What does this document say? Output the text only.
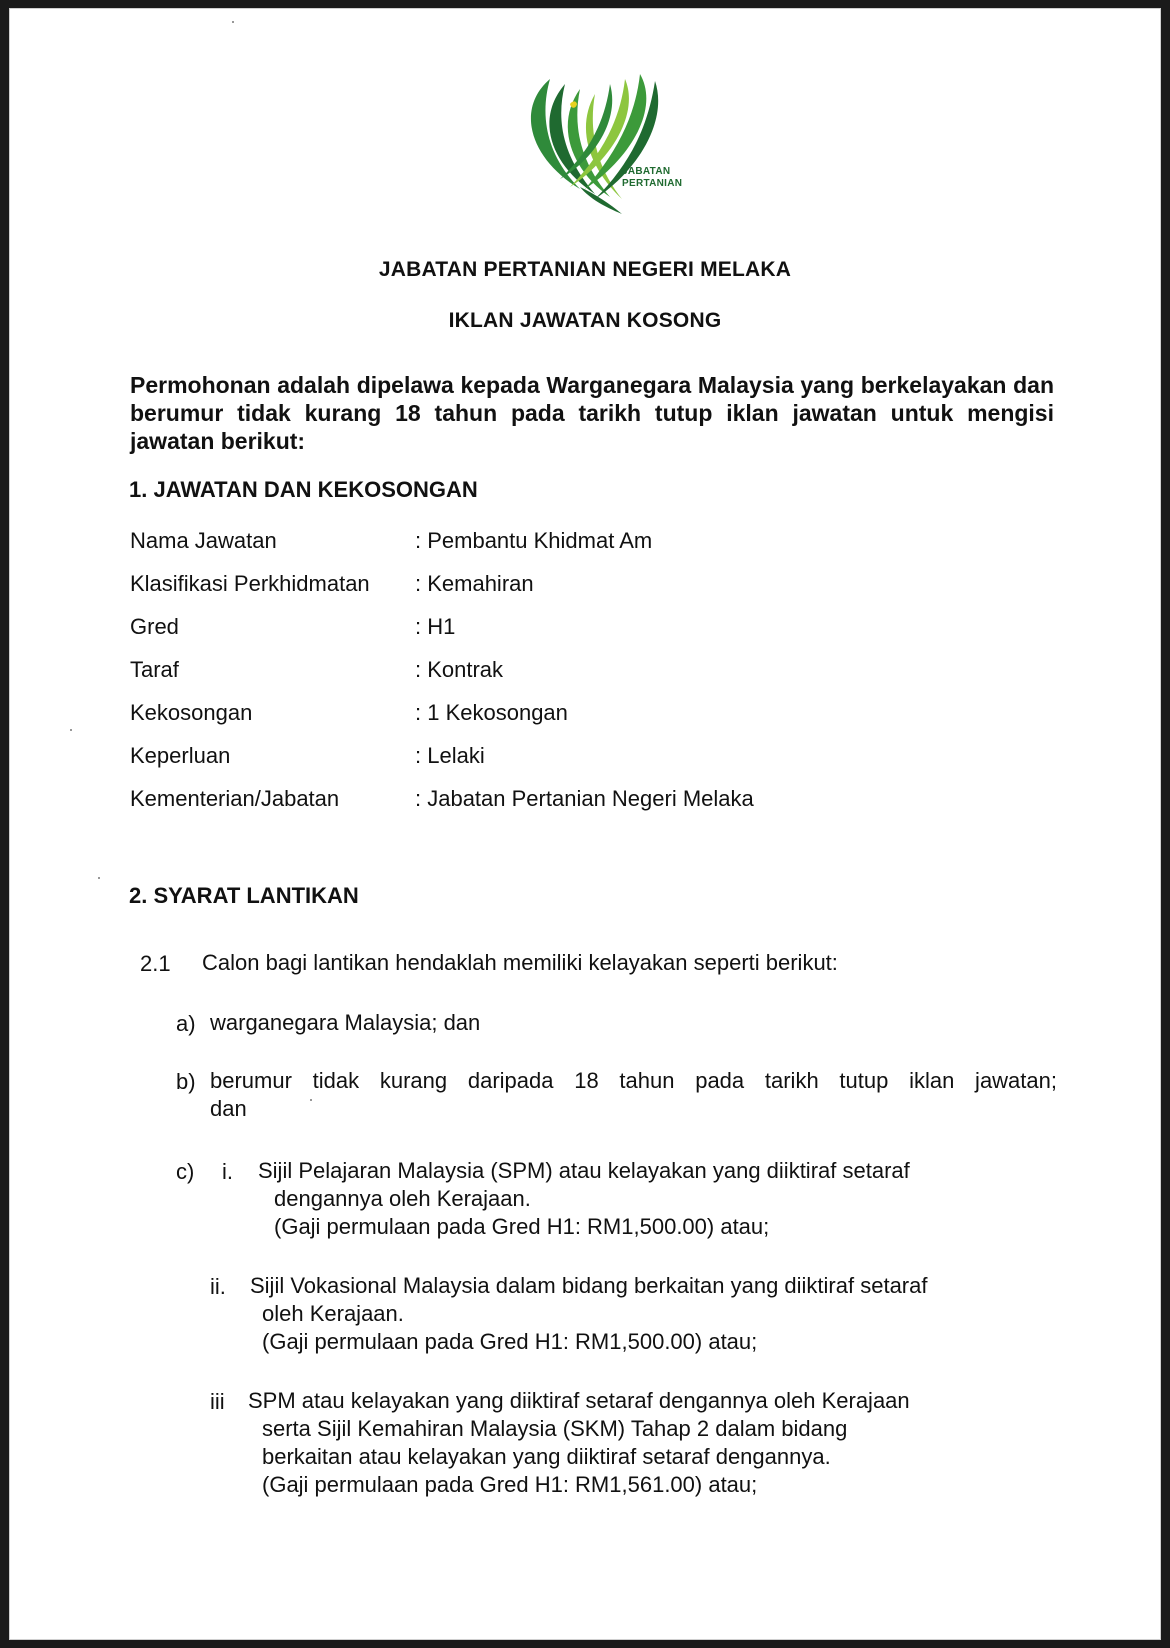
JABATAN
PERTANIAN
JABATAN PERTANIAN NEGERI MELAKA
IKLAN JAWATAN KOSONG
Permohonan adalah dipelawa kepada Warganegara Malaysia yang berkelayakan dan berumur tidak kurang 18 tahun pada tarikh tutup iklan jawatan untuk mengisi jawatan berikut:
1. JAWATAN DAN KEKOSONGAN
Nama Jawatan	: Pembantu Khidmat Am
Klasifikasi Perkhidmatan : Kemahiran
Gred	: H1
Taraf	: Kontrak
Kekosongan	: 1 Kekosongan
Keperluan	: Lelaki
Kementerian/Jabatan	: Jabatan Pertanian Negeri Melaka
2. SYARAT LANTIKAN
2.1 Calon bagi lantikan hendaklah memiliki kelayakan seperti berikut:
a) warganegara Malaysia; dan
b) berumur tidak kurang daripada 18 tahun pada tarikh tutup iklan jawatan;
dan
c) i. Sijil Pelajaran Malaysia (SPM) atau kelayakan yang diiktiraf setaraf
dengannya oleh Kerajaan.
(Gaji permulaan pada Gred H1: RM1,500.00) atau;
ii. Sijil Vokasional Malaysia dalam bidang berkaitan yang diiktiraf setaraf
oleh Kerajaan.
(Gaji permulaan pada Gred H1: RM1,500.00) atau;
iii SPM atau kelayakan yang diiktiraf setaraf dengannya oleh Kerajaan
serta Sijil Kemahiran Malaysia (SKM) Tahap 2 dalam bidang
berkaitan atau kelayakan yang diiktiraf setaraf dengannya.
(Gaji permulaan pada Gred H1: RM1,561.00) atau;
